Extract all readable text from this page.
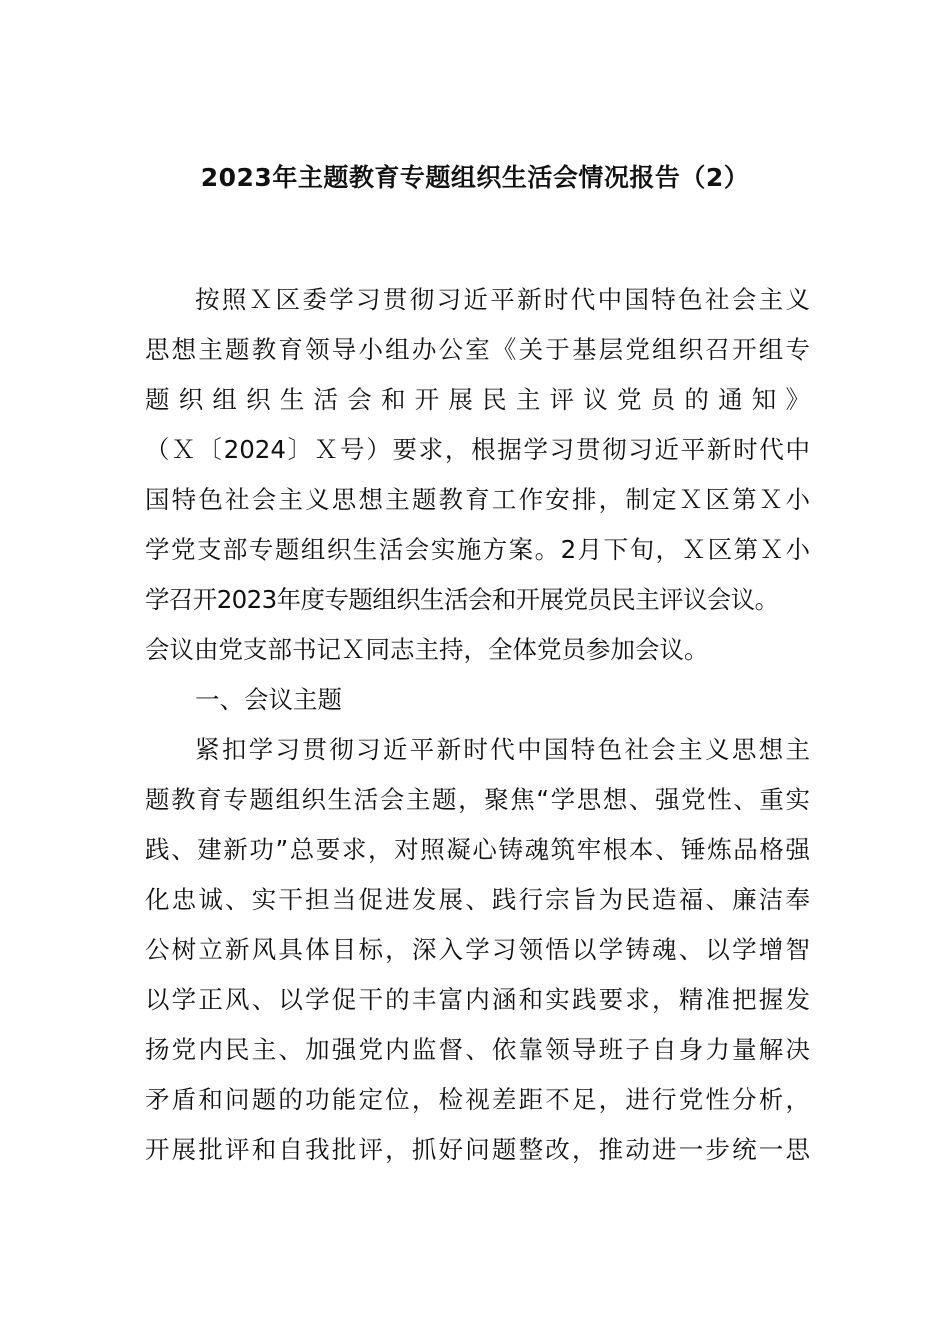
2023年主题教育专题组织生活会情况报告（2）
按照Ｘ区委学习贯彻习近平新时代中国特色社会主义
思想主题教育领导小组办公室《关于基层党组织召开组专
题织组织生活会和开展民主评议党员的通知》
（Ｘ〔2024〕Ｘ号）要求，根据学习贯彻习近平新时代中
国特色社会主义思想主题教育工作安排，制定Ｘ区第Ｘ小
学党支部专题组织生活会实施方案。2月下旬，Ｘ区第Ｘ小
学召开2023年度专题组织生活会和开展党员民主评议会议。
会议由党支部书记Ｘ同志主持，全体党员参加会议。
一、会议主题
紧扣学习贯彻习近平新时代中国特色社会主义思想主
题教育专题组织生活会主题，聚焦“学思想、强党性、重实
践、建新功”总要求，对照凝心铸魂筑牢根本、锤炼品格强
化忠诚、实干担当促进发展、践行宗旨为民造福、廉洁奉
公树立新风具体目标，深入学习领悟以学铸魂、以学增智
以学正风、以学促干的丰富内涵和实践要求，精准把握发
扬党内民主、加强党内监督、依靠领导班子自身力量解决
矛盾和问题的功能定位，检视差距不足，进行党性分析，
开展批评和自我批评，抓好问题整改，推动进一步统一思
